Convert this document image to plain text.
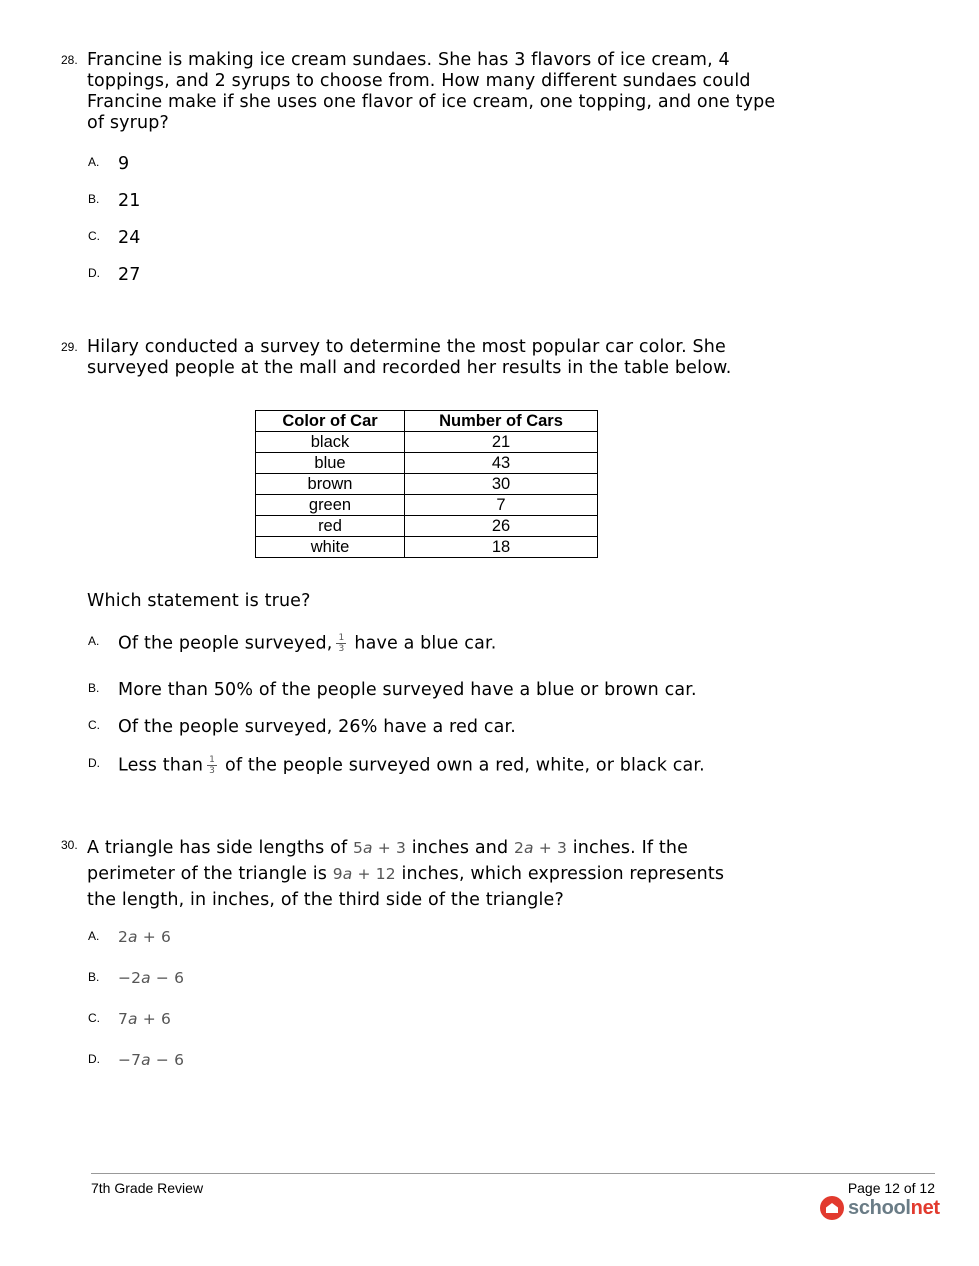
28. Francine is making ice cream sundaes. She has 3 flavors of ice cream, 4 toppings, and 2 syrups to choose from. How many different sundaes could Francine make if she uses one flavor of ice cream, one topping, and one type of syrup?
A. 9
B. 21
C. 24
D. 27
29. Hilary conducted a survey to determine the most popular car color. She surveyed people at the mall and recorded her results in the table below.
Color of Car	Number of Cars
black	21
blue	43
brown	30
green	7
red	26
white	18
Which statement is true?
A. Of the people surveyed, $\frac{1}{3}$ have a blue car.
B. More than 50% of the people surveyed have a blue or brown car.
C. Of the people surveyed, 26% have a red car.
D. Less than $\frac{1}{3}$ of the people surveyed own a red, white, or black car.
30. A triangle has side lengths of 5a + 3 inches and 2a + 3 inches. If the
perimeter of the triangle is 9a + 12 inches, which expression represents
the length, in inches, of the third side of the triangle?
A. 2a + 6
B. −2a − 6
C. 7a + 6
D. −7a − 6
7th Grade Review	Page 12 of 12
schoolnet
